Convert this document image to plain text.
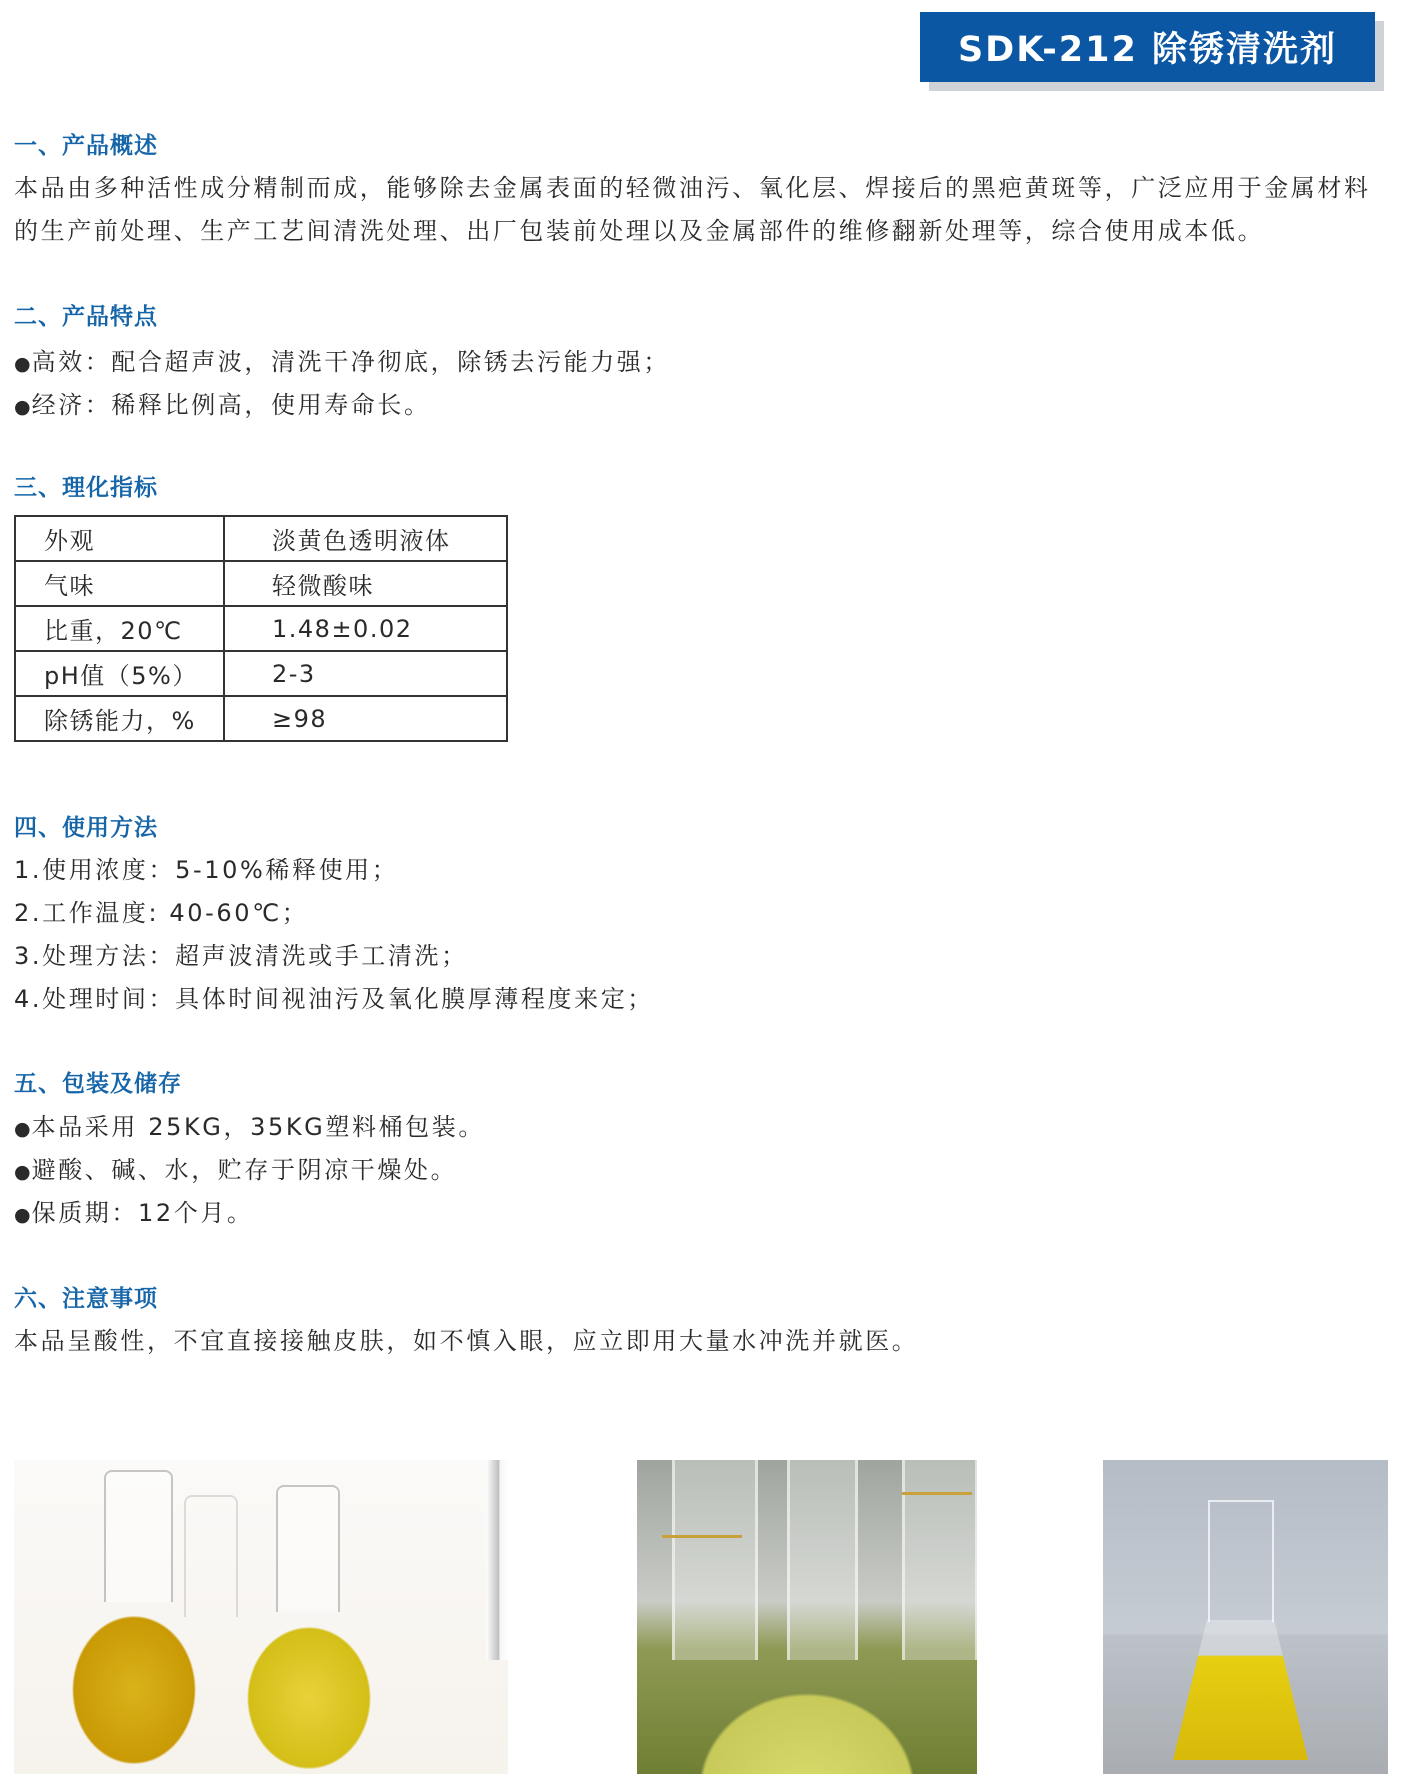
SDK-212 除锈清洗剂
一、产品概述
本品由多种活性成分精制而成，能够除去金属表面的轻微油污、氧化层、焊接后的黑疤黄斑等，广泛应用于金属材料
的生产前处理、生产工艺间清洗处理、出厂包装前处理以及金属部件的维修翻新处理等，综合使用成本低。
二、产品特点
● 高效：配合超声波，清洗干净彻底，除锈去污能力强；
● 经济：稀释比例高，使用寿命长。
三、理化指标
外观	淡黄色透明液体
气味	轻微酸味
比重，20℃	1.48±0.02
pH值（5%）	2-3
除锈能力，%	≥98
四、使用方法
1.使用浓度：5-10%稀释使用；
2.工作温度: 40-60℃；
3.处理方法：超声波清洗或手工清洗；
4.处理时间：具体时间视油污及氧化膜厚薄程度来定；
五、包装及储存
● 本品采用 25KG，35KG塑料桶包装。
● 避酸、碱、水，贮存于阴凉干燥处。
● 保质期：12个月。
六、注意事项
本品呈酸性，不宜直接接触皮肤，如不慎入眼，应立即用大量水冲洗并就医。
